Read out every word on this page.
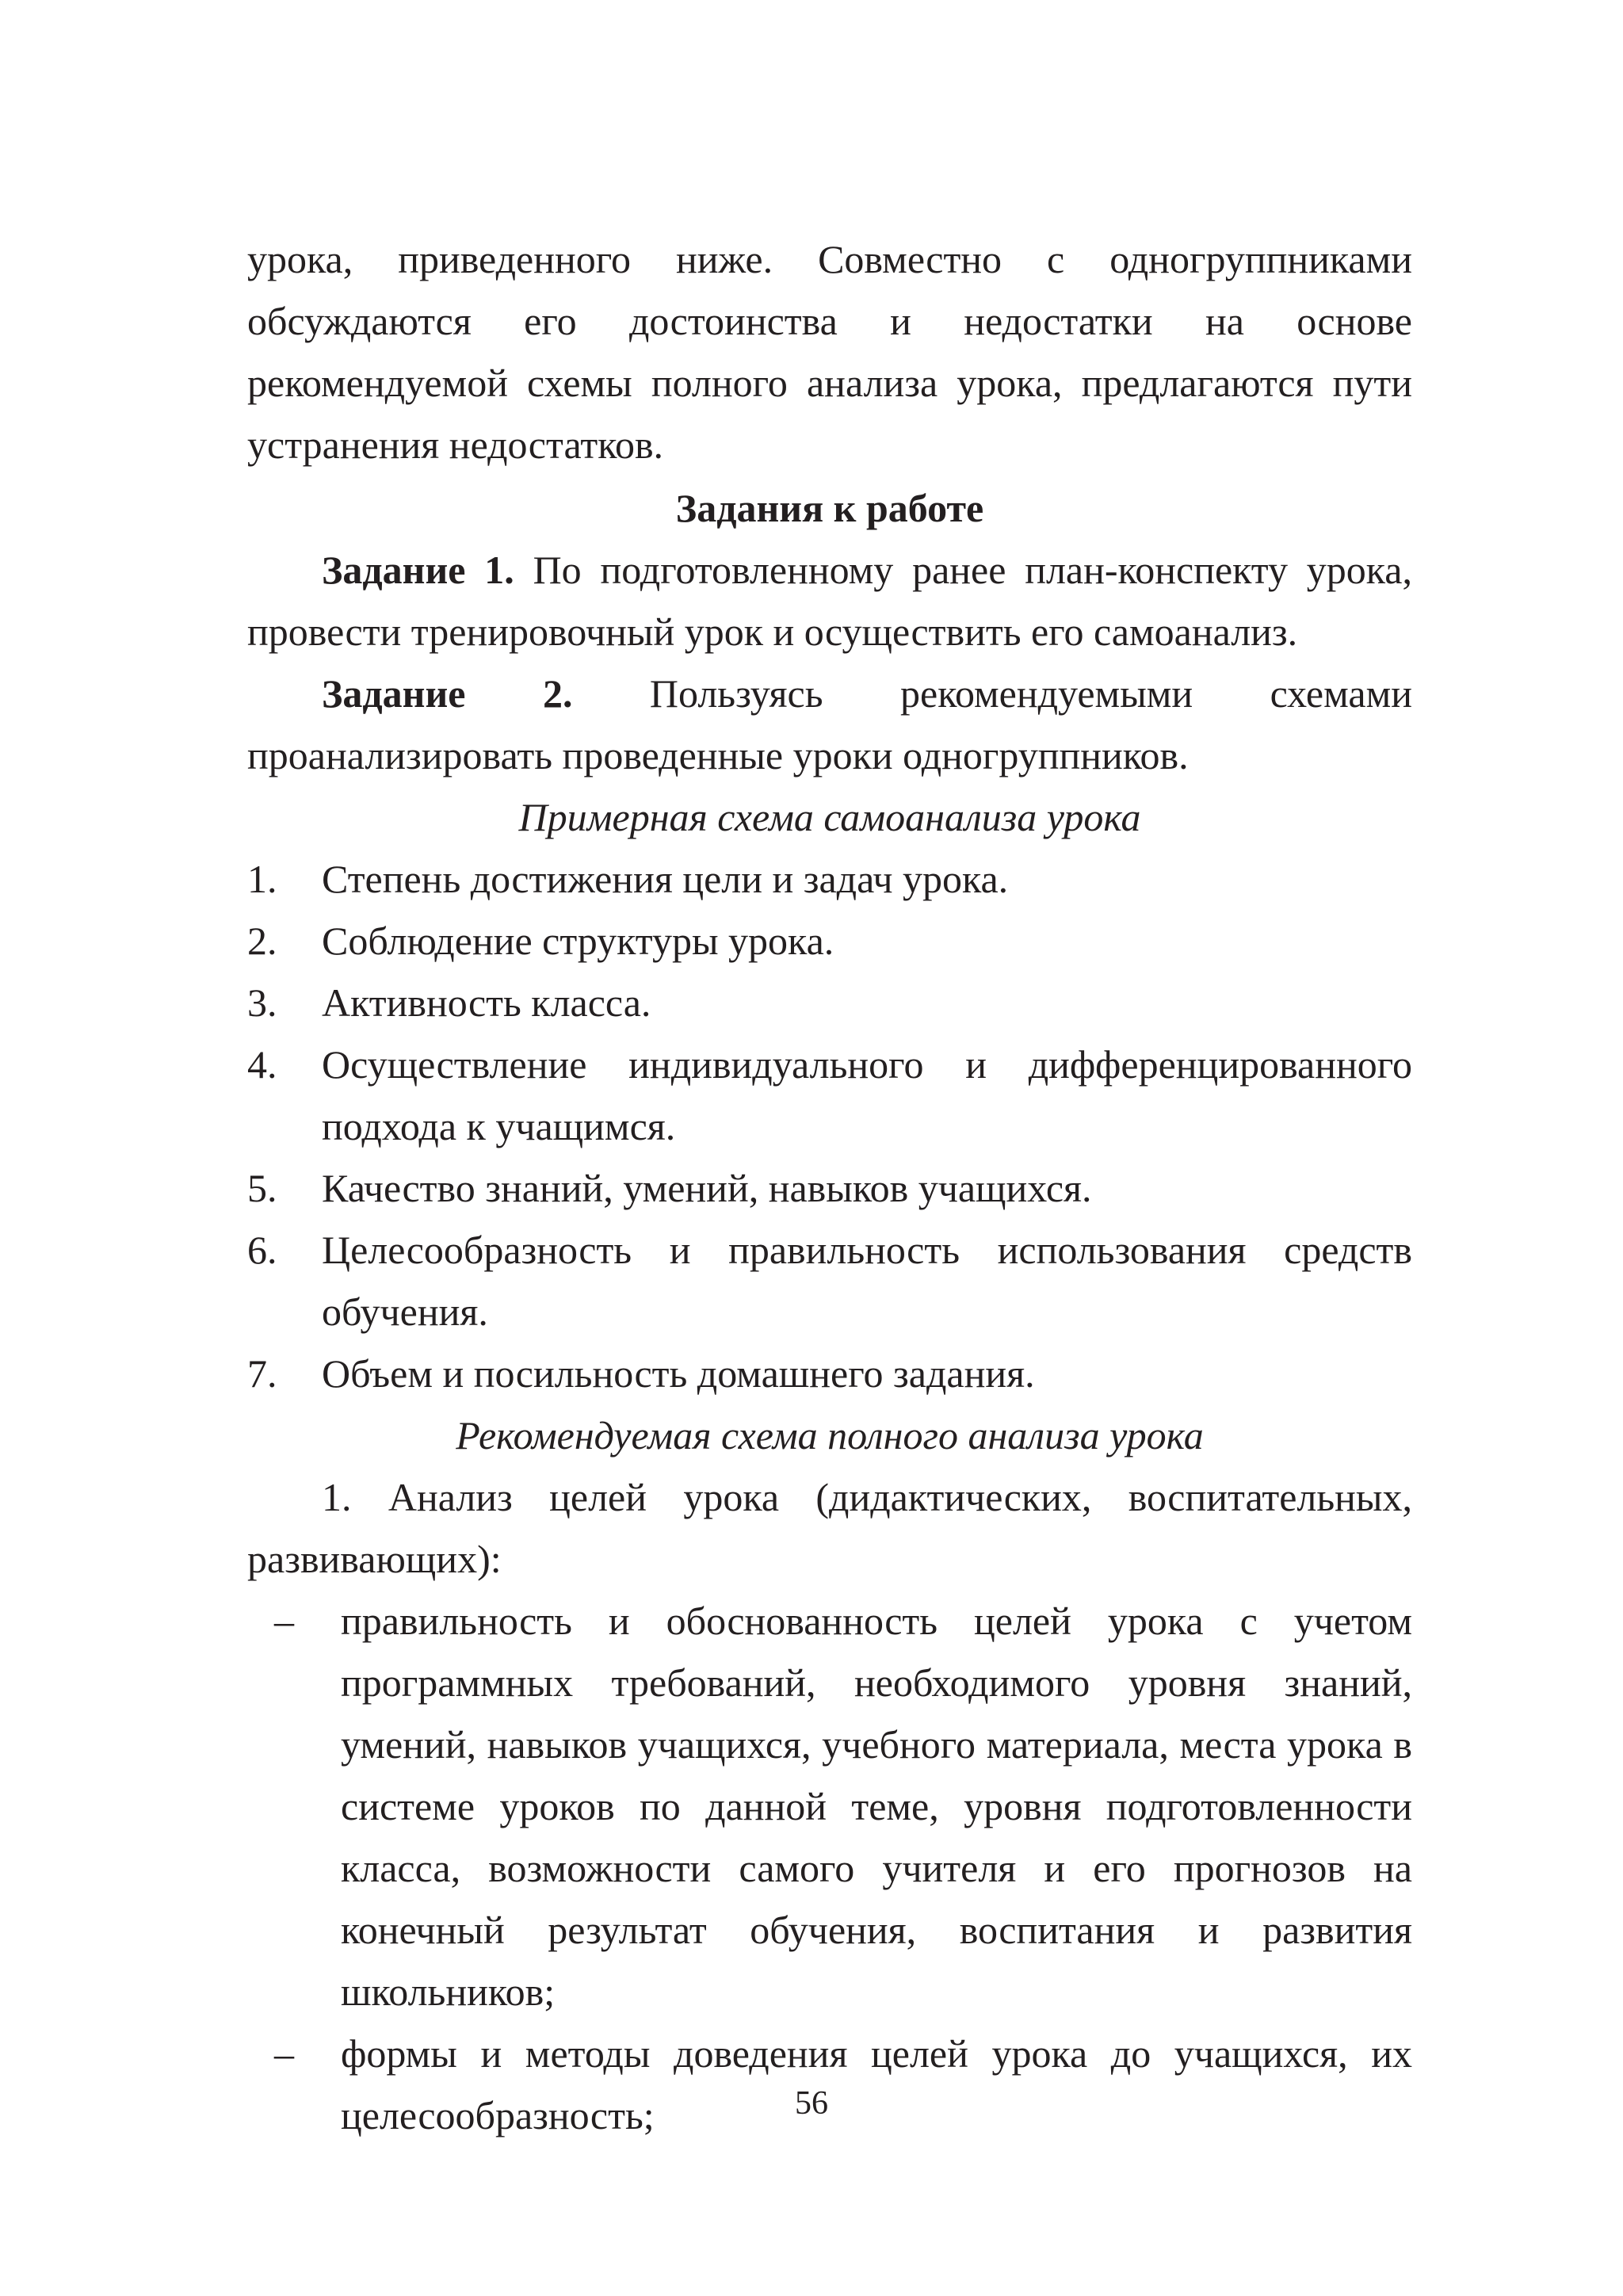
урока, приведенного ниже. Совместно с одногруппниками обсуждаются его достоинства и недостатки на основе рекомендуемой схемы полного анализа урока, предлагаются пути устранения недостатков.

Задания к работе

Задание 1. По подготовленному ранее план-конспекту урока, провести тренировочный урок и осуществить его самоанализ.

Задание 2. Пользуясь рекомендуемыми схемами проанализировать проведенные уроки одногруппников.

Примерная схема самоанализа урока

1.	Степень достижения цели и задач урока.
2.	Соблюдение структуры урока.
3.	Активность класса.
4.	Осуществление индивидуального и дифференцированного подхода к учащимся.
5.	Качество знаний, умений, навыков учащихся.
6.	Целесообразность и правильность использования средств обучения.
7.	Объем и посильность домашнего задания.

Рекомендуемая схема полного анализа урока

1. Анализ целей урока (дидактических, воспитательных, развивающих):

–	правильность и обоснованность целей урока с учетом программных требований, необходимого уровня знаний, умений, навыков учащихся, учебного материала, места урока в системе уроков по данной теме, уровня подготовленности класса, возможности самого учителя и его прогнозов на конечный результат обучения, воспитания и развития школьников;
–	формы и методы доведения целей урока до учащихся, их целесообразность;	56
